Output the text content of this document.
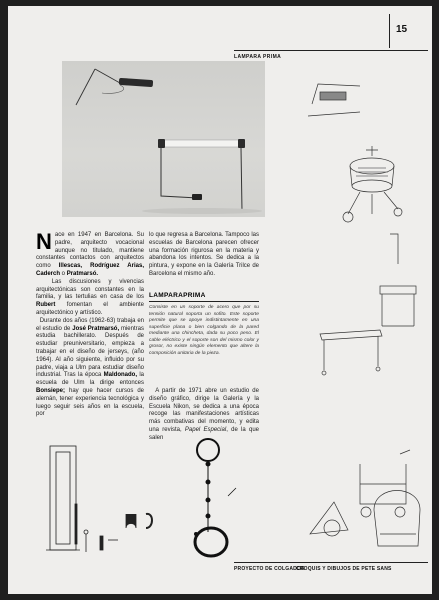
15
LAMPARA PRIMA

Nace en 1947 en Barcelona. Su padre, arquitecto vocacional aunque no titulado, mantiene constantes contactos con arquitectos como Illescas, Rodríguez Arias, Caderch o Pratmarsó.
Las discusiones y vivencias arquitectónicas son constantes en la familia, y las tertulias en casa de los Rubert fomentan el ambiente arquitectónico y artístico.
Durante dos años (1962-63) trabaja en el estudio de José Pratmarsó, mientras estudia bachillerato. Después de estudiar preuniversitario, empieza a trabajar en el diseño de jerseys, (año 1964). Al año siguiente, influido por su padre, viaja a Ulm para estudiar diseño industrial. Tras la época Maldonado, la escuela de Ulm la dirige entonces Bonsiepe; hay que hacer cursos de alemán, tener experiencia tecnológica y luego seguir seis años en la escuela, por

lo que regresa a Barcelona. Tampoco las escuelas de Barcelona parecen ofrecer una formación rigurosa en la materia y abandona los intentos. Se dedica a la pintura, y expone en la Galería Trilce de Barcelona el mismo año.

LAMPARAPRIMA

Consiste en un soporte de acero que por su tensión natural soporta un sofito. Este soporte permite que se apoye indistintamente en una superficie plana o bien colgando de la pared mediante una chincheta, dada su poco peso. El cable eléctrico y el soporte son del mismo color y grosor, no existe ningún elemento que altere la composición unitaria de la pieza.

A partir de 1971 abre un estudio de diseño gráfico, dirige la Galería y la Escuela Nikon, se dedica a una época recoge las manifestaciones artísticas más combativas del momento, y edita una revista, Papel Especial, de la que salen

PROYECTO DE COLGADOR
CROQUIS Y DIBUJOS DE PETE SANS
